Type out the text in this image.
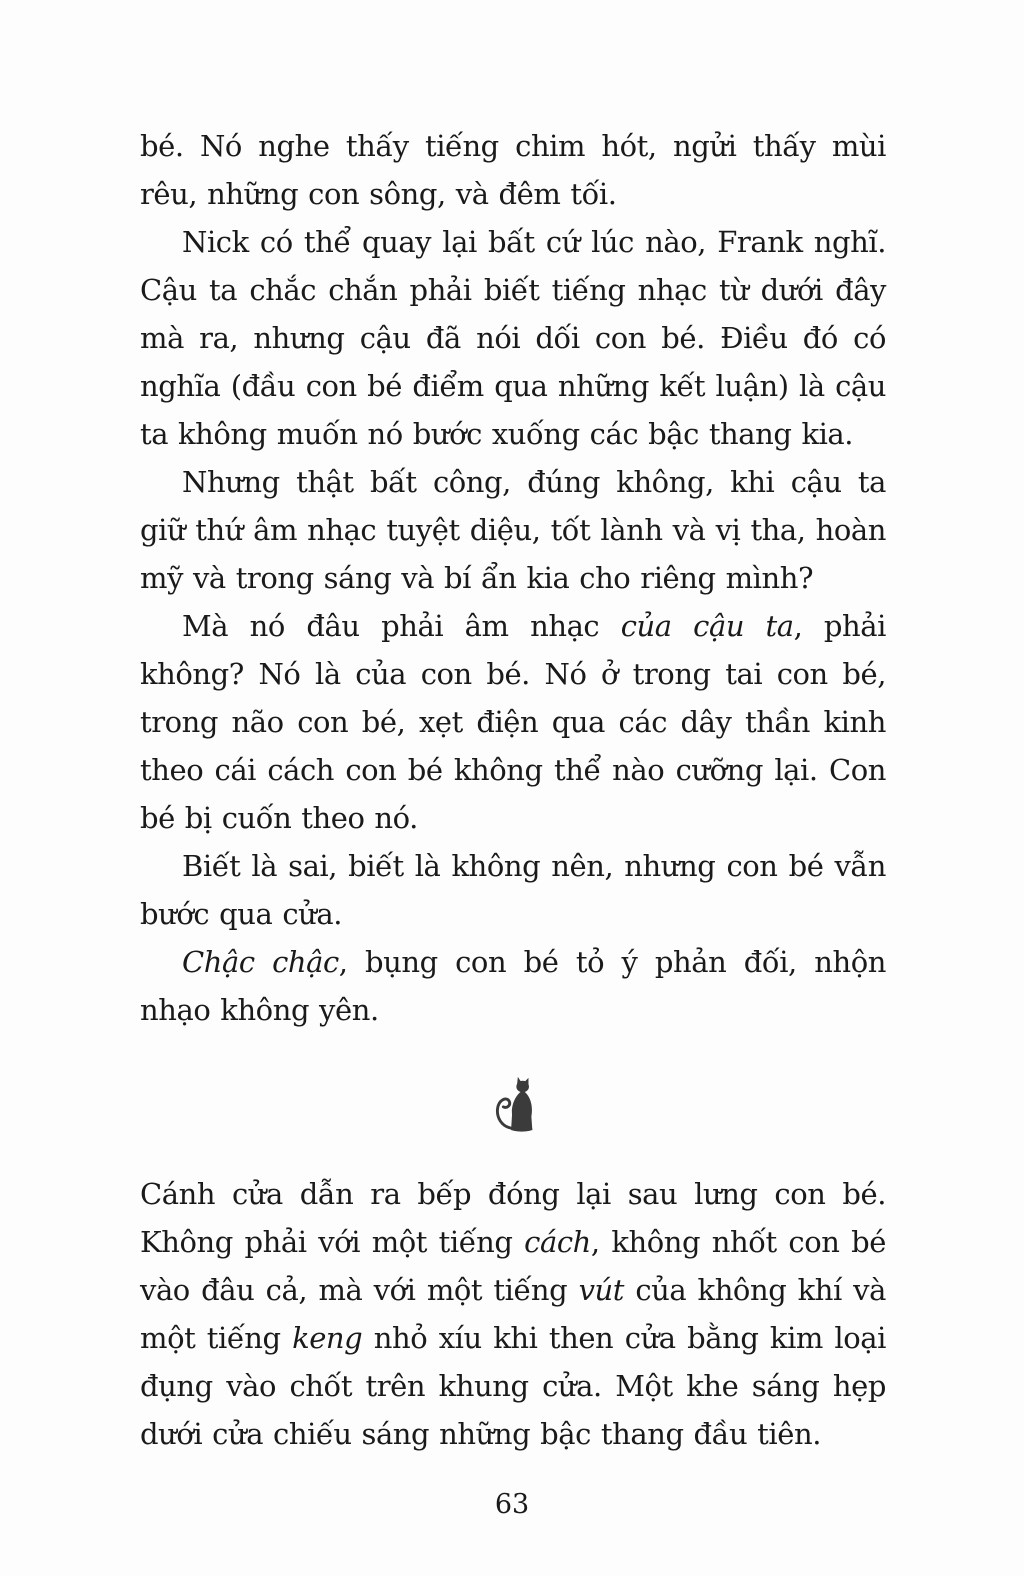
bé. Nó nghe thấy tiếng chim hót, ngửi thấy mùi rêu, những con sông, và đêm tối.

Nick có thể quay lại bất cứ lúc nào, Frank nghĩ. Cậu ta chắc chắn phải biết tiếng nhạc từ dưới đây mà ra, nhưng cậu đã nói dối con bé. Điều đó có nghĩa (đầu con bé điểm qua những kết luận) là cậu ta không muốn nó bước xuống các bậc thang kia.

Nhưng thật bất công, đúng không, khi cậu ta giữ thứ âm nhạc tuyệt diệu, tốt lành và vị tha, hoàn mỹ và trong sáng và bí ẩn kia cho riêng mình?

Mà nó đâu phải âm nhạc của cậu ta, phải không? Nó là của con bé. Nó ở trong tai con bé, trong não con bé, xẹt điện qua các dây thần kinh theo cái cách con bé không thể nào cưỡng lại. Con bé bị cuốn theo nó.

Biết là sai, biết là không nên, nhưng con bé vẫn bước qua cửa.

Chậc chậc, bụng con bé tỏ ý phản đối, nhộn nhạo không yên.

Cánh cửa dẫn ra bếp đóng lại sau lưng con bé. Không phải với một tiếng cách, không nhốt con bé vào đâu cả, mà với một tiếng vút của không khí và một tiếng keng nhỏ xíu khi then cửa bằng kim loại đụng vào chốt trên khung cửa. Một khe sáng hẹp dưới cửa chiếu sáng những bậc thang đầu tiên.

63
